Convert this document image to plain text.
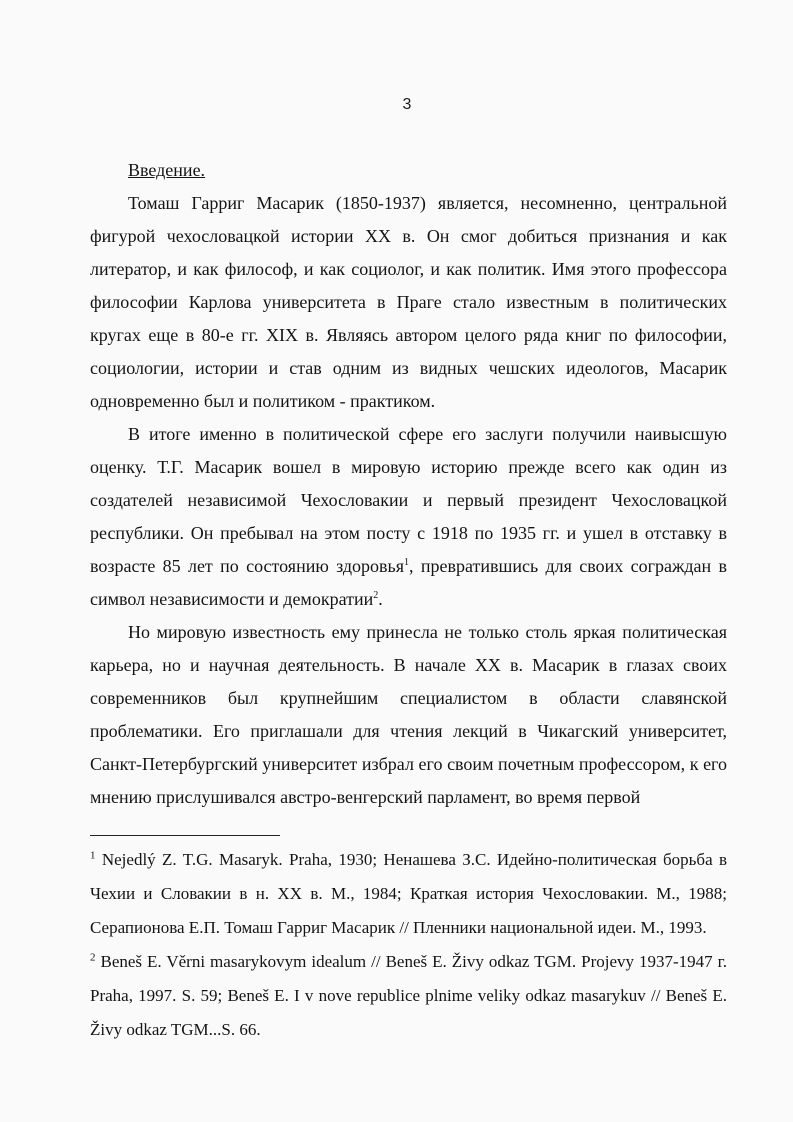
3

Введение.

Томаш Гарриг Масарик (1850-1937) является, несомненно, центральной фигурой чехословацкой истории XX в. Он смог добиться признания и как литератор, и как философ, и как социолог, и как политик. Имя этого профессора философии Карлова университета в Праге стало известным в политических кругах еще в 80-е гг. XIX в. Являясь автором целого ряда книг по философии, социологии, истории и став одним из видных чешских идеологов, Масарик одновременно был и политиком - практиком.

В итоге именно в политической сфере его заслуги получили наивысшую оценку. Т.Г. Масарик вошел в мировую историю прежде всего как один из создателей независимой Чехословакии и первый президент Чехословацкой республики. Он пребывал на этом посту с 1918 по 1935 гг. и ушел в отставку в возрасте 85 лет по состоянию здоровья$^1$, превратившись для своих сограждан в символ независимости и демократии$^2$.

Но мировую известность ему принесла не только столь яркая политическая карьера, но и научная деятельность. В начале XX в. Масарик в глазах своих современников был крупнейшим специалистом в области славянской проблематики. Его приглашали для чтения лекций в Чикагский университет, Санкт-Петербургский университет избрал его своим почетным профессором, к его мнению прислушивался австро-венгерский парламент, во время первой

$^1$ Nejedlý Z. T.G. Masaryk. Praha, 1930; Ненашева З.С. Идейно-политическая борьба в Чехии и Словакии в н. XX в. М., 1984; Краткая история Чехословакии. М., 1988; Серапионова Е.П. Томаш Гарриг Масарик // Пленники национальной идеи. М., 1993.

$^2$ Beneš E. Věrni masarykovym idealum // Beneš E. Živy odkaz TGM. Projevy 1937-1947 г. Praha, 1997. S. 59; Beneš E. I v nove republice plnime veliky odkaz masarykuv // Beneš E. Živy odkaz TGM...S. 66.
